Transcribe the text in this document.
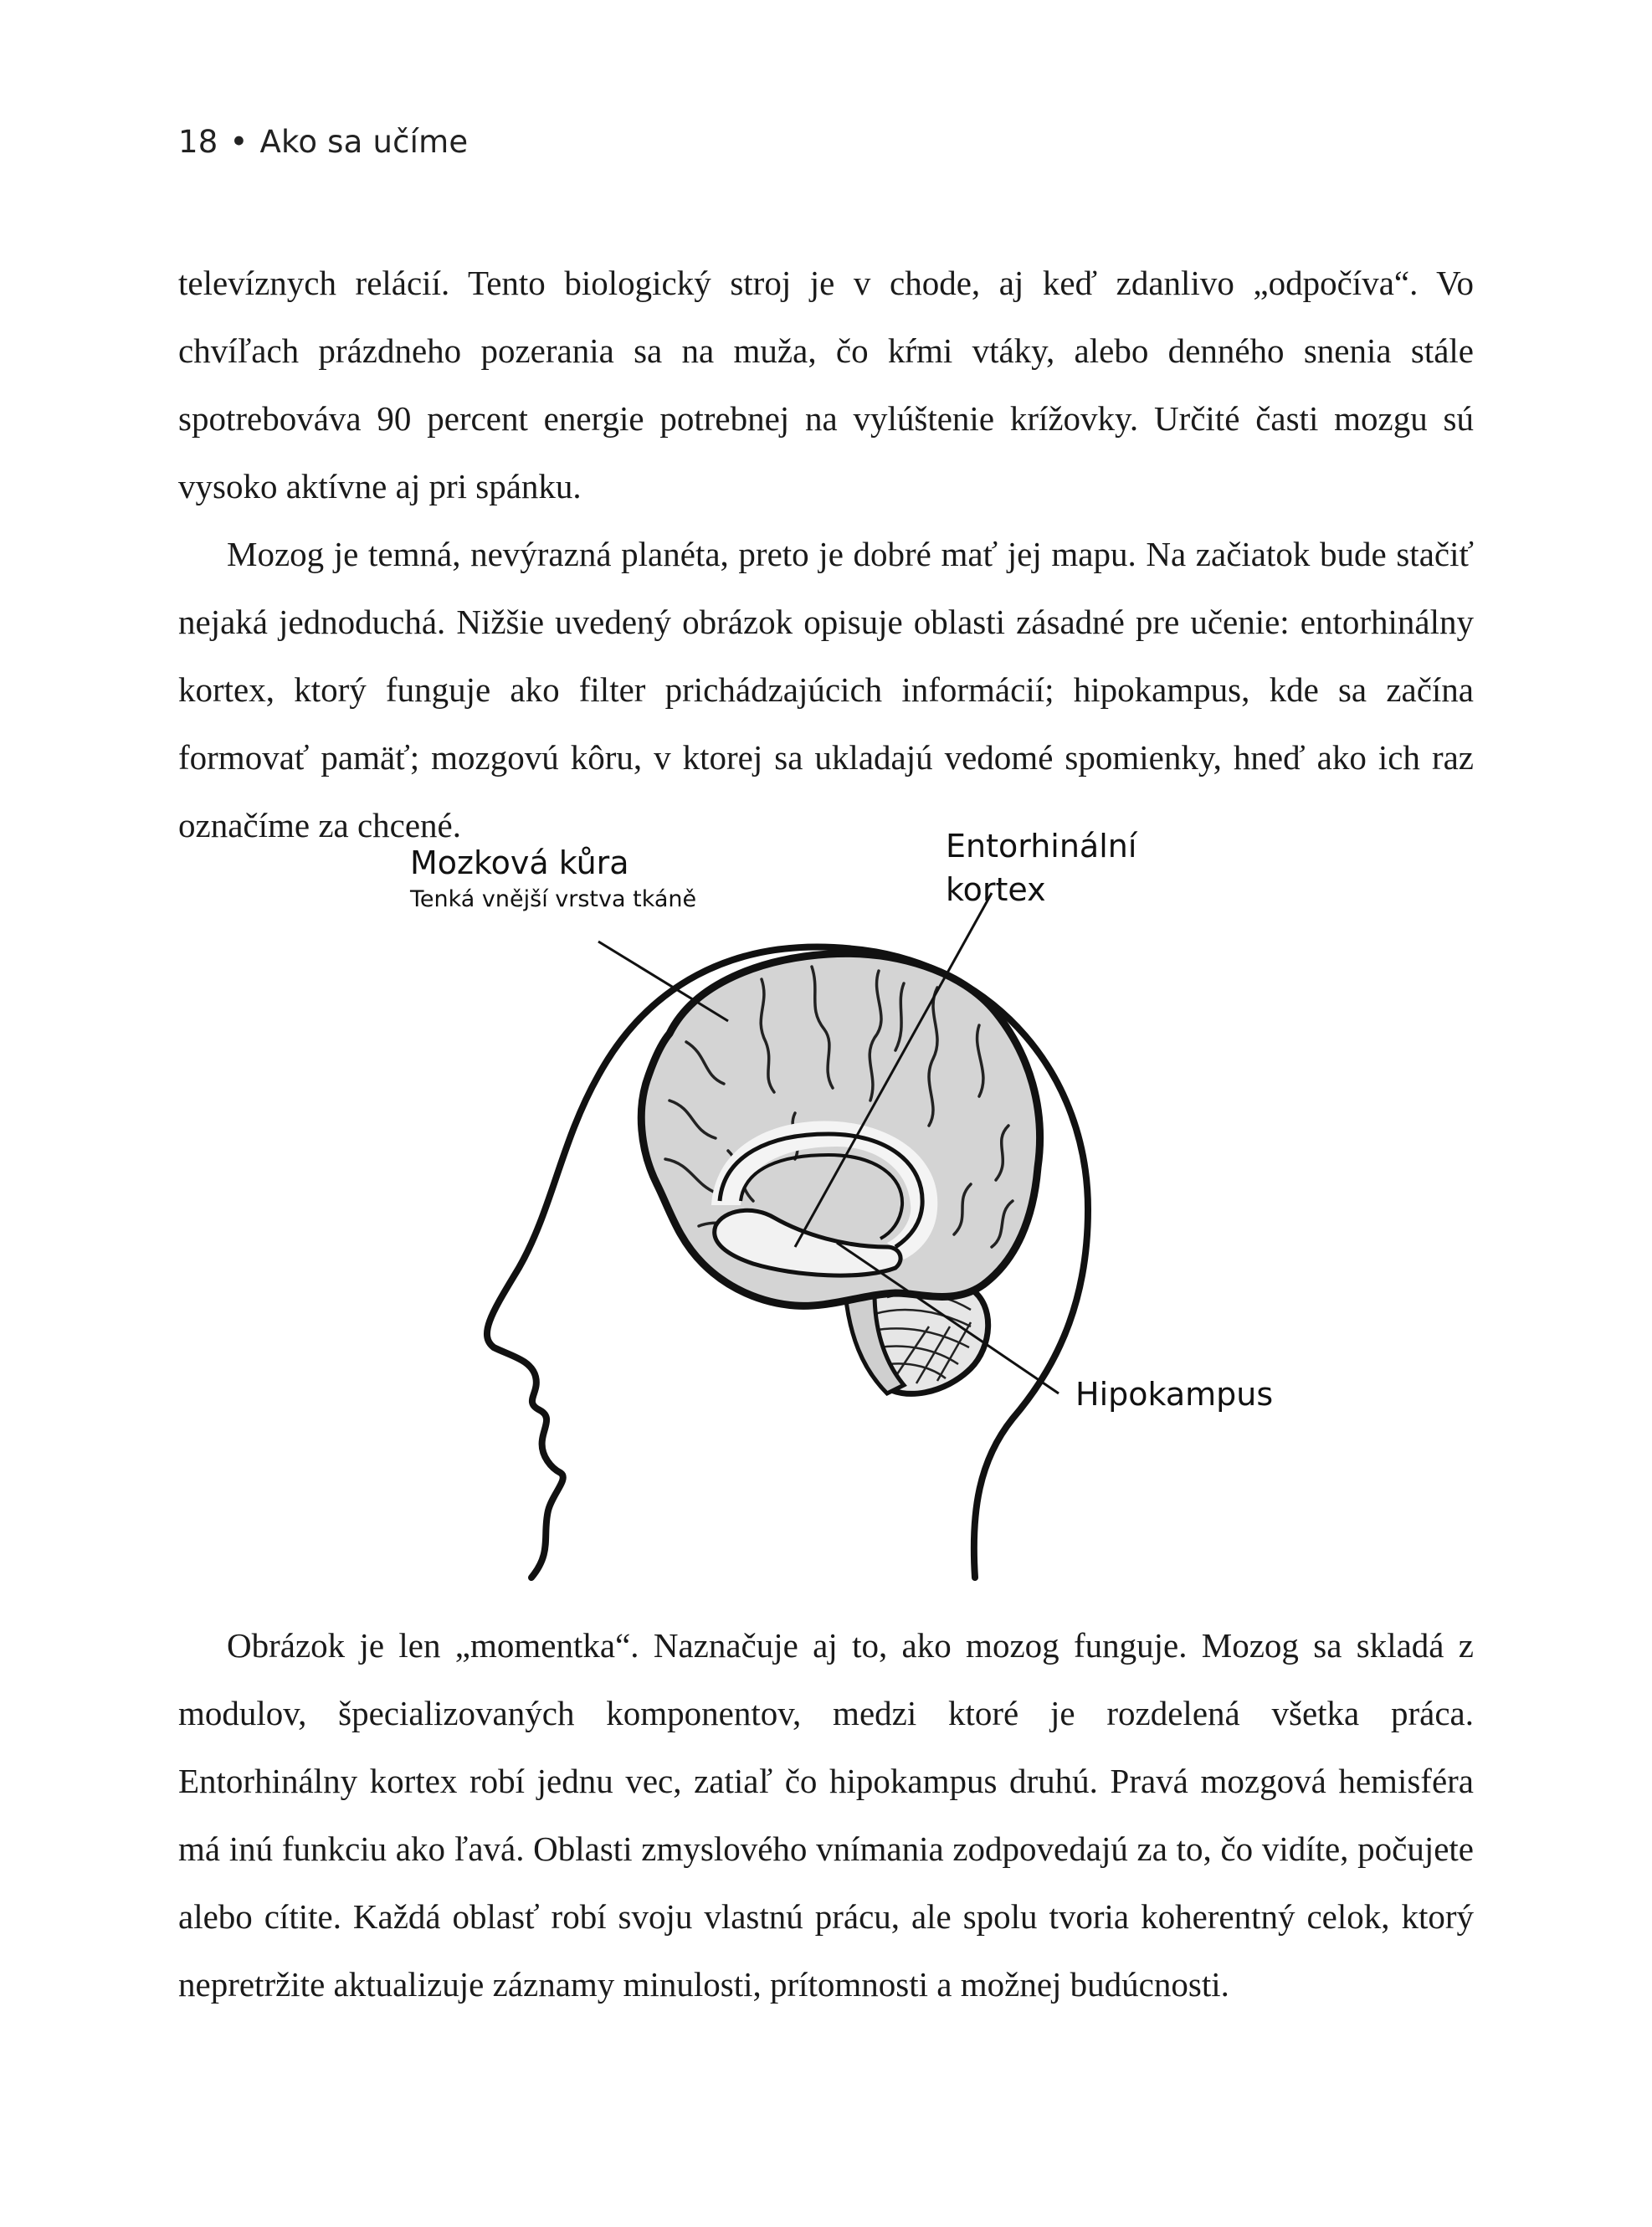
18 • Ako sa učíme

televíznych relácií. Tento biologický stroj je v chode, aj keď zdanlivo „odpočíva“. Vo chvíľach prázdneho pozerania sa na muža, čo kŕmi vtáky, alebo denného snenia stále spotrebováva 90 percent energie potrebnej na vylúštenie krížovky. Určité časti mozgu sú vysoko aktívne aj pri spánku.

Mozog je temná, nevýrazná planéta, preto je dobré mať jej mapu. Na začiatok bude stačiť nejaká jednoduchá. Nižšie uvedený obrázok opisuje oblasti zásadné pre učenie: entorhinálny kortex, ktorý funguje ako filter prichádzajúcich informácií; hipokampus, kde sa začína formovať pamäť; mozgovú kôru, v ktorej sa ukladajú vedomé spomienky, hneď ako ich raz označíme za chcené.

Mozková kůra
Tenká vnější vrstva tkáně
Entorhinální
kortex
Hipokampus

Obrázok je len „momentka“. Naznačuje aj to, ako mozog funguje. Mozog sa skladá z modulov, špecializovaných komponentov, medzi ktoré je rozdelená všetka práca. Entorhinálny kortex robí jednu vec, zatiaľ čo hipokampus druhú. Pravá mozgová hemisféra má inú funkciu ako ľavá. Oblasti zmyslového vnímania zodpovedajú za to, čo vidíte, počujete alebo cítite. Každá oblasť robí svoju vlastnú prácu, ale spolu tvoria koherentný celok, ktorý nepretržite aktualizuje záznamy minulosti, prítomnosti a možnej budúcnosti.
